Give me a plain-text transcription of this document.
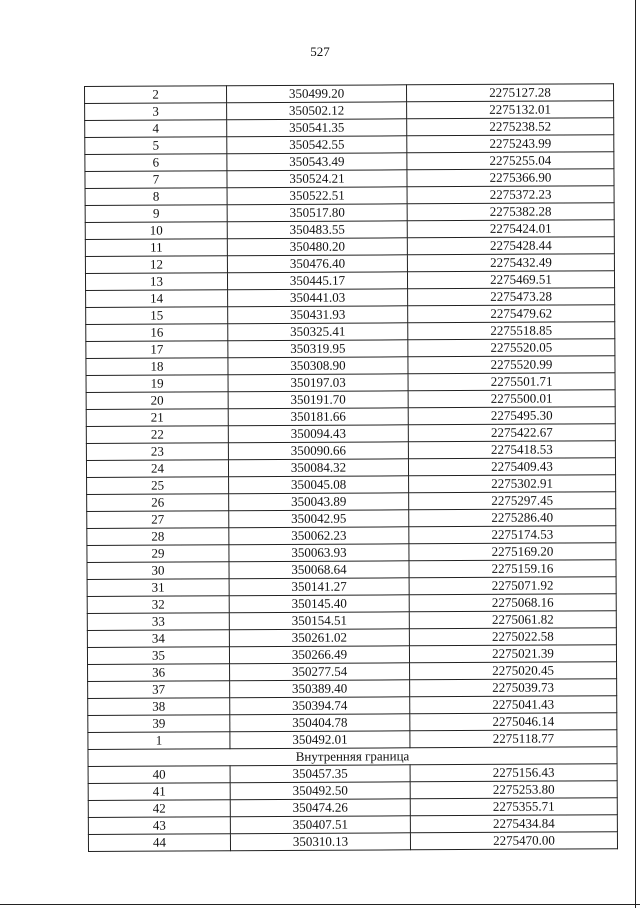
527
2	350499.20	2275127.28
3	350502.12	2275132.01
4	350541.35	2275238.52
5	350542.55	2275243.99
6	350543.49	2275255.04
7	350524.21	2275366.90
8	350522.51	2275372.23
9	350517.80	2275382.28
10	350483.55	2275424.01
11	350480.20	2275428.44
12	350476.40	2275432.49
13	350445.17	2275469.51
14	350441.03	2275473.28
15	350431.93	2275479.62
16	350325.41	2275518.85
17	350319.95	2275520.05
18	350308.90	2275520.99
19	350197.03	2275501.71
20	350191.70	2275500.01
21	350181.66	2275495.30
22	350094.43	2275422.67
23	350090.66	2275418.53
24	350084.32	2275409.43
25	350045.08	2275302.91
26	350043.89	2275297.45
27	350042.95	2275286.40
28	350062.23	2275174.53
29	350063.93	2275169.20
30	350068.64	2275159.16
31	350141.27	2275071.92
32	350145.40	2275068.16
33	350154.51	2275061.82
34	350261.02	2275022.58
35	350266.49	2275021.39
36	350277.54	2275020.45
37	350389.40	2275039.73
38	350394.74	2275041.43
39	350404.78	2275046.14
1	350492.01	2275118.77
Внутренняя граница		
40	350457.35	2275156.43
41	350492.50	2275253.80
42	350474.26	2275355.71
43	350407.51	2275434.84
44	350310.13	2275470.00
